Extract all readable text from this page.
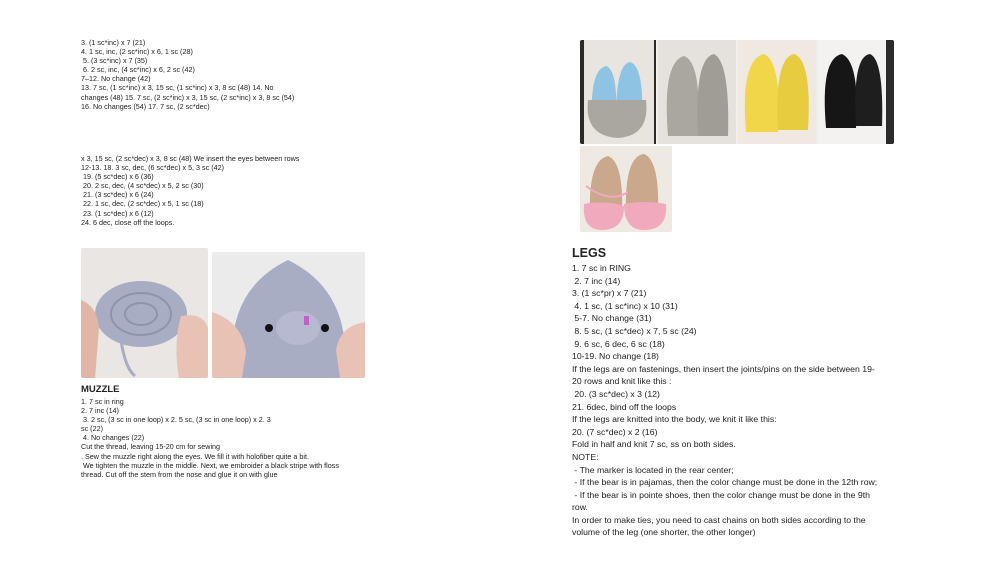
3. (1 sc*inc) x 7 (21)
4. 1 sc, inc, (2 sc*inc) x 6, 1 sc (28)
5. (3 sc*inc) x 7 (35)
6. 2 sc, inc, (4 sc*inc) x 6, 2 sc (42)
7–12. No change (42)
13. 7 sc, (1 sc*inc) x 3, 15 sc, (1 sc*inc) x 3, 8 sc (48) 14. No
changes (48) 15. 7 sc, (2 sc*inc) x 3, 15 sc, (2 sc*inc) x 3, 8 sc (54)
16. No changes (54) 17. 7 sc, (2 sc*dec)
x 3, 15 sc, (2 sc*dec) x 3, 8 sc (48) We insert the eyes between rows
12-13. 18. 3 sc, dec, (6 sc*dec) x 5, 3 sc (42)
19. (5 sc*dec) x 6 (36)
20. 2 sc, dec, (4 sc*dec) x 5, 2 sc (30)
21. (3 sc*dec) x 6 (24)
22. 1 sc, dec, (2 sc*dec) x 5, 1 sc (18)
23. (1 sc*dec) x 6 (12)
24. 6 dec, close off the loops.
MUZZLE
1. 7 sc in ring
2. 7 inc (14)
3. 2 sc, (3 sc in one loop) x 2. 5 sc, (3 sc in one loop) x 2. 3
sc (22)
4. No changes (22)
Cut the thread, leaving 15-20 cm for sewing
. Sew the muzzle right along the eyes. We fill it with holofiber quite a bit.
We tighten the muzzle in the middle. Next, we embroider a black stripe with floss
thread. Cut off the stem from the nose and glue it on with glue
LEGS
1. 7 sc in RING
2. 7 inc (14)
3. (1 sc*pr) x 7 (21)
4. 1 sc, (1 sc*inc) x 10 (31)
5-7. No change (31)
8. 5 sc, (1 sc*dec) x 7, 5 sc (24)
9. 6 sc, 6 dec, 6 sc (18)
10-19. No change (18)
If the legs are on fastenings, then insert the joints/pins on the side between 19-
20 rows and knit like this :
20. (3 sc*dec) x 3 (12)
21. 6dec, bind off the loops
If the legs are knitted into the body, we knit it like this:
20. (7 sc*dec) x 2 (16)
Fold in half and knit 7 sc, ss on both sides.
NOTE:
- The marker is located in the rear center;
- If the bear is in pajamas, then the color change must be done in the 12th row;
- If the bear is in pointe shoes, then the color change must be done in the 9th
row.
In order to make ties, you need to cast chains on both sides according to the
volume of the leg (one shorter, the other longer)
